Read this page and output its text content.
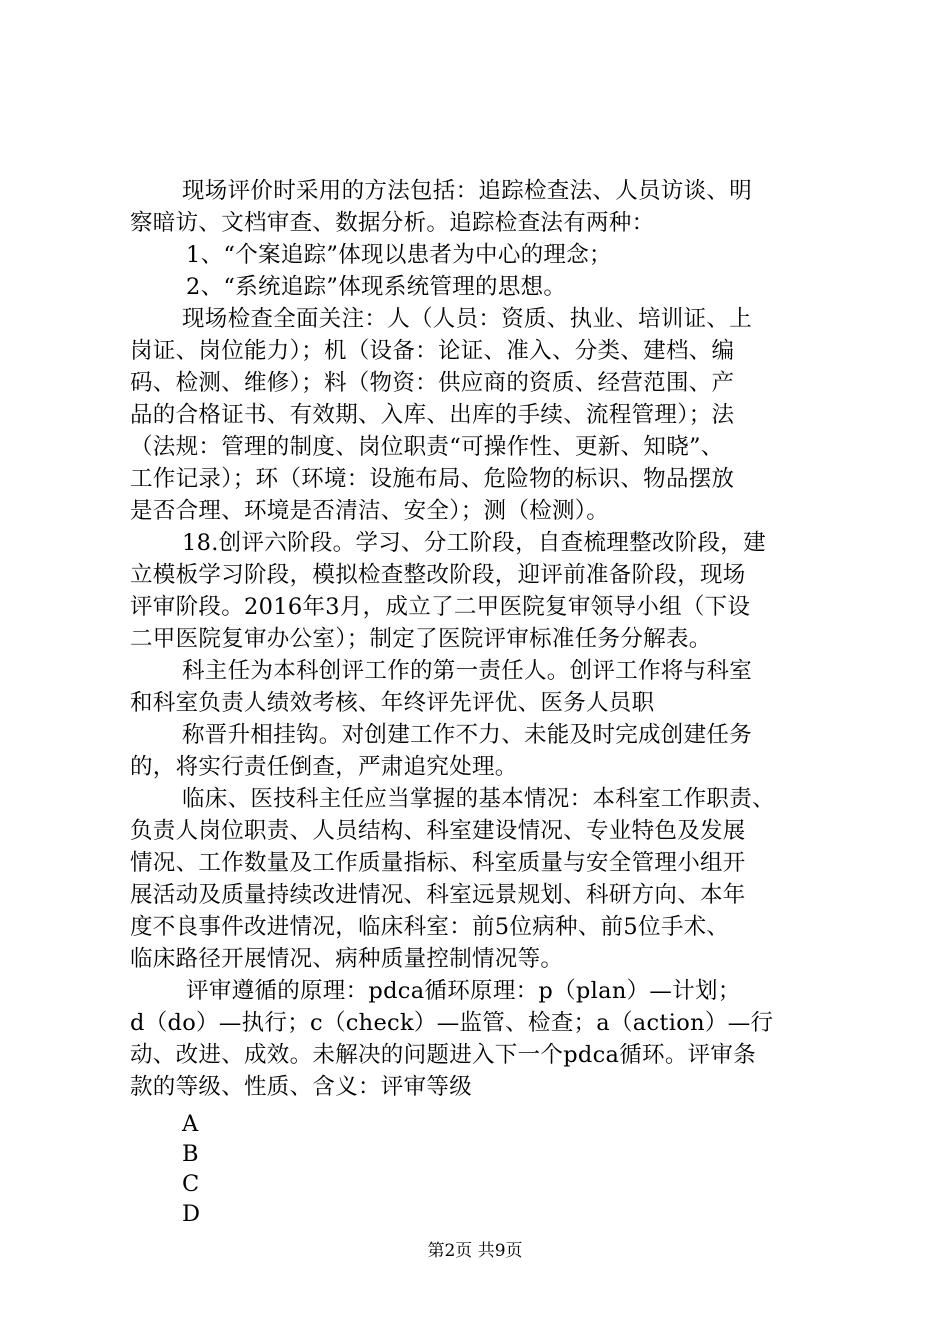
现场评价时采用的方法包括：追踪检查法、人员访谈、明
察暗访、文档审查、数据分析。追踪检查法有两种：
1、“个案追踪”体现以患者为中心的理念；
2、“系统追踪”体现系统管理的思想。
现场检查全面关注：人（人员：资质、执业、培训证、上
岗证、岗位能力）；机（设备：论证、准入、分类、建档、编
码、检测、维修）；料（物资：供应商的资质、经营范围、产
品的合格证书、有效期、入库、出库的手续、流程管理）；法
（法规：管理的制度、岗位职责“可操作性、更新、知晓”、
工作记录）；环（环境：设施布局、危险物的标识、物品摆放
是否合理、环境是否清洁、安全）；测（检测）。
18.创评六阶段。学习、分工阶段，自查梳理整改阶段，建
立模板学习阶段，模拟检查整改阶段，迎评前准备阶段，现场
评审阶段。2016年3月，成立了二甲医院复审领导小组（下设
二甲医院复审办公室）；制定了医院评审标准任务分解表。
科主任为本科创评工作的第一责任人。创评工作将与科室
和科室负责人绩效考核、年终评先评优、医务人员职
称晋升相挂钩。对创建工作不力、未能及时完成创建任务
的，将实行责任倒查，严肃追究处理。
临床、医技科主任应当掌握的基本情况：本科室工作职责、
负责人岗位职责、人员结构、科室建设情况、专业特色及发展
情况、工作数量及工作质量指标、科室质量与安全管理小组开
展活动及质量持续改进情况、科室远景规划、科研方向、本年
度不良事件改进情况，临床科室：前5位病种、前5位手术、
临床路径开展情况、病种质量控制情况等。
评审遵循的原理：pdca循环原理：p（plan）—计划；
d（do）—执行；c（check）—监管、检查；a（action）—行
动、改进、成效。未解决的问题进入下一个pdca循环。评审条
款的等级、性质、含义：评审等级
A
B
C
D
第2页 共9页
